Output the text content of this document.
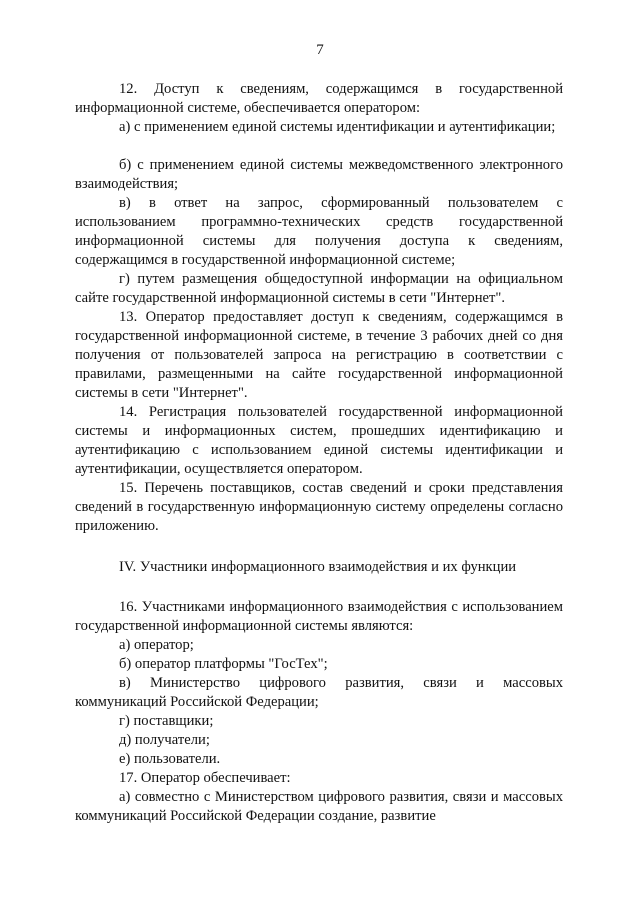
7

12. Доступ к сведениям, содержащимся в государственной информационной системе, обеспечивается оператором:

а) с применением единой системы идентификации и аутентификации;

б) с применением единой системы межведомственного электронного взаимодействия;

в) в ответ на запрос, сформированный пользователем с использованием программно-технических средств государственной информационной системы для получения доступа к сведениям, содержащимся в государственной информационной системе;

г) путем размещения общедоступной информации на официальном сайте государственной информационной системы в сети "Интернет".

13. Оператор предоставляет доступ к сведениям, содержащимся в государственной информационной системе, в течение 3 рабочих дней со дня получения от пользователей запроса на регистрацию в соответствии с правилами, размещенными на сайте государственной информационной системы в сети "Интернет".

14. Регистрация пользователей государственной информационной системы и информационных систем, прошедших идентификацию и аутентификацию с использованием единой системы идентификации и аутентификации, осуществляется оператором.

15. Перечень поставщиков, состав сведений и сроки представления сведений в государственную информационную систему определены согласно приложению.

IV. Участники информационного взаимодействия и их функции

16. Участниками информационного взаимодействия с использованием государственной информационной системы являются:

а) оператор;

б) оператор платформы "ГосТех";

в) Министерство цифрового развития, связи и массовых коммуникаций Российской Федерации;

г) поставщики;

д) получатели;

е) пользователи.

17. Оператор обеспечивает:

а) совместно с Министерством цифрового развития, связи и массовых коммуникаций Российской Федерации создание, развитие
